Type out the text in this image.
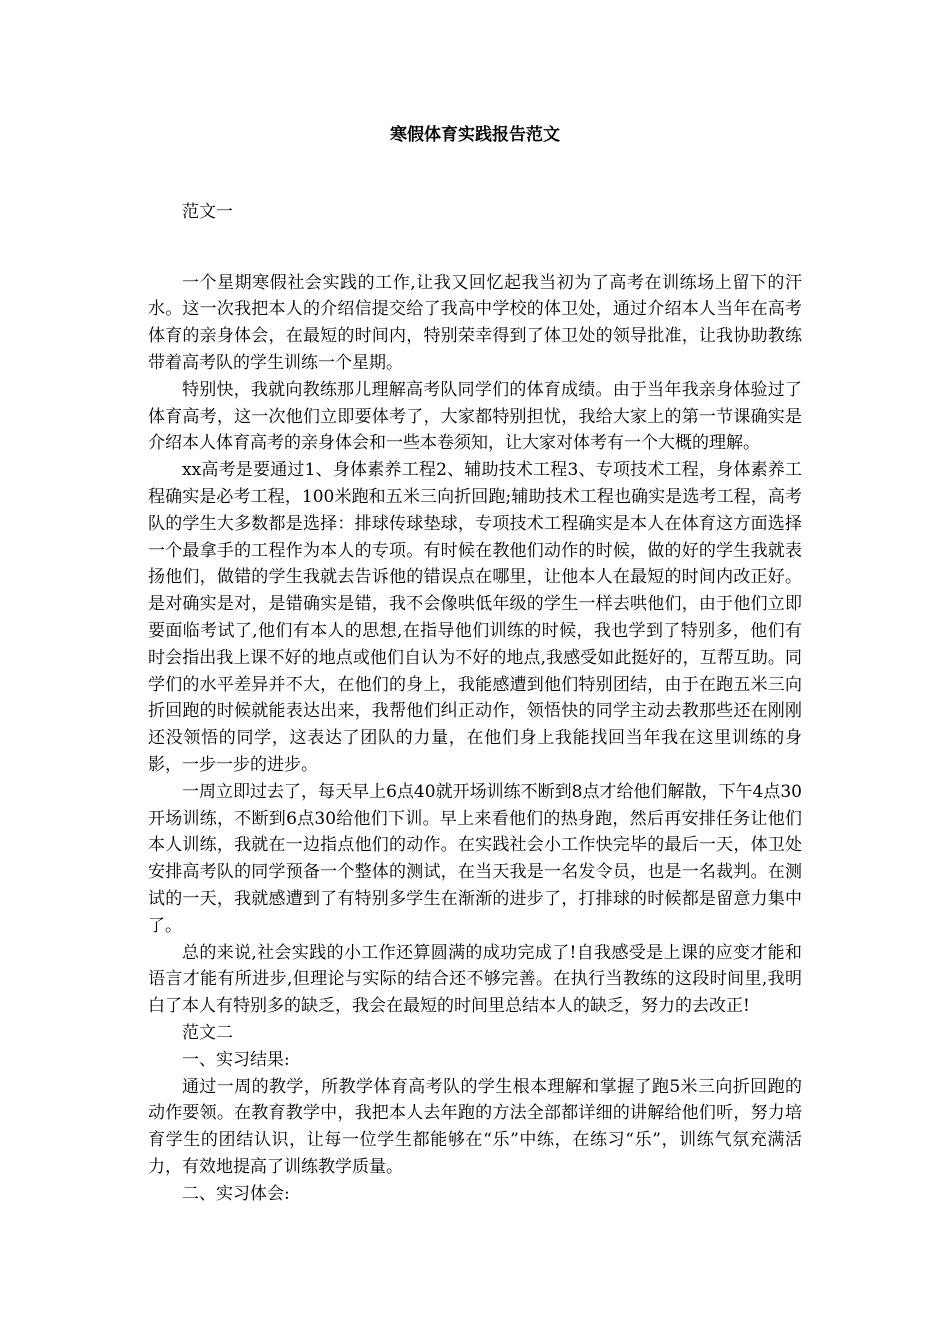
寒假体育实践报告范文

范文一

一个星期寒假社会实践的工作,让我又回忆起我当初为了高考在训练场上留下的汗水。这一次我把本人的介绍信提交给了我高中学校的体卫处，通过介绍本人当年在高考体育的亲身体会，在最短的时间内，特别荣幸得到了体卫处的领导批准，让我协助教练带着高考队的学生训练一个星期。

特别快，我就向教练那儿理解高考队同学们的体育成绩。由于当年我亲身体验过了体育高考，这一次他们立即要体考了，大家都特别担忧，我给大家上的第一节课确实是介绍本人体育高考的亲身体会和一些本卷须知，让大家对体考有一个大概的理解。

xx高考是要通过1、身体素养工程2、辅助技术工程3、专项技术工程，身体素养工程确实是必考工程，100米跑和五米三向折回跑;辅助技术工程也确实是选考工程，高考队的学生大多数都是选择：排球传球垫球，专项技术工程确实是本人在体育这方面选择一个最拿手的工程作为本人的专项。有时候在教他们动作的时候，做的好的学生我就表扬他们，做错的学生我就去告诉他的错误点在哪里，让他本人在最短的时间内改正好。是对确实是对，是错确实是错，我不会像哄低年级的学生一样去哄他们，由于他们立即要面临考试了,他们有本人的思想,在指导他们训练的时候，我也学到了特别多，他们有时会指出我上课不好的地点或他们自认为不好的地点,我感受如此挺好的，互帮互助。同学们的水平差异并不大，在他们的身上，我能感遭到他们特别团结，由于在跑五米三向折回跑的时候就能表达出来，我帮他们纠正动作，领悟快的同学主动去教那些还在刚刚还没领悟的同学，这表达了团队的力量，在他们身上我能找回当年我在这里训练的身影，一步一步的进步。

一周立即过去了，每天早上6点40就开场训练不断到8点才给他们解散，下午4点30开场训练，不断到6点30给他们下训。早上来看他们的热身跑，然后再安排任务让他们本人训练，我就在一边指点他们的动作。在实践社会小工作快完毕的最后一天，体卫处安排高考队的同学预备一个整体的测试，在当天我是一名发令员，也是一名裁判。在测试的一天，我就感遭到了有特别多学生在渐渐的进步了，打排球的时候都是留意力集中了。

总的来说,社会实践的小工作还算圆满的成功完成了!自我感受是上课的应变才能和语言才能有所进步,但理论与实际的结合还不够完善。在执行当教练的这段时间里,我明白了本人有特别多的缺乏，我会在最短的时间里总结本人的缺乏，努力的去改正!

范文二

一、实习结果:

通过一周的教学，所教学体育高考队的学生根本理解和掌握了跑5米三向折回跑的动作要领。在教育教学中，我把本人去年跑的方法全部都详细的讲解给他们听，努力培育学生的团结认识，让每一位学生都能够在“乐”中练，在练习“乐”，训练气氛充满活力，有效地提高了训练教学质量。

二、实习体会:
